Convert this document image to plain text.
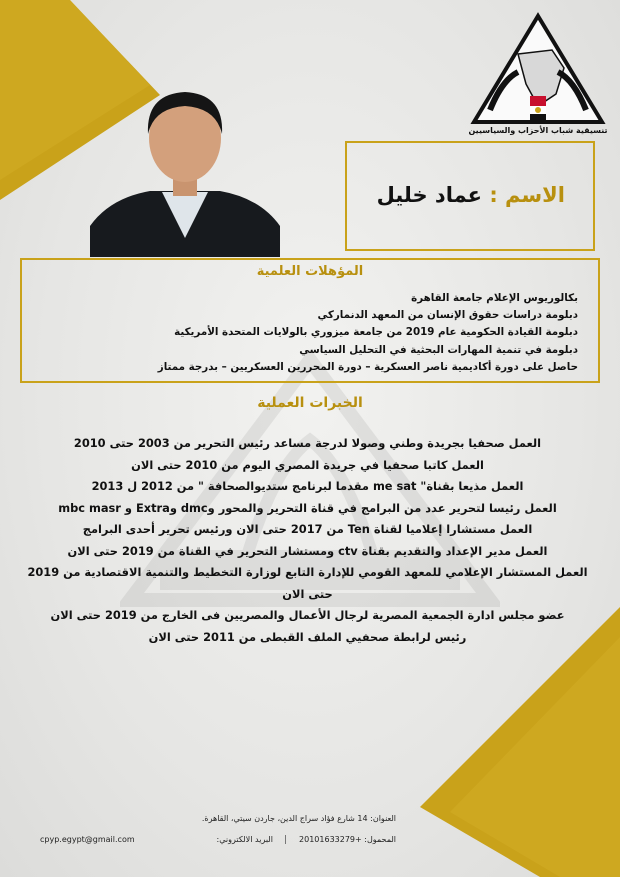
تنسيقية شباب الأحزاب والسياسيين
الاسم : عماد خليل
المؤهلات العلمية
بكالوريوس الإعلام جامعة القاهرة
دبلومة دراسات حقوق الإنسان من المعهد الدنماركي
دبلومة القيادة الحكومية عام 2019 من جامعة ميزوري بالولايات المتحدة الأمريكية
دبلومة في تنمية المهارات البحثية في التحليل السياسي
حاصل على دورة أكاديمية ناصر العسكرية – دورة المحررين العسكريين – بدرجة ممتاز
الخبرات العملية
العمل صحفيا بجريدة وطني وصولا لدرجة مساعد رئيس التحرير من 2003 حتى 2010
العمل كاتبا صحفيا في جريدة المصري اليوم من 2010 حتى الان
العمل مذيعا بقناة" me sat مقدما لبرنامج ستديوالصحافة " من 2012 ل 2013
العمل رئيسا لتحرير عدد من البرامج في قناة التحرير والمحور وdmc وExtra و mbc masr
العمل مستشارا إعلاميا لقناة Ten من 2017 حتى الان ورئيس تحرير أحدى البرامج
العمل مدير الإعداد والتقديم بقناة ctv ومستشار التحرير في القناة من 2019 حتى الان
العمل المستشار الإعلامي للمعهد القومي للإدارة التابع لوزارة التخطيط والتنمية الاقتصادية من 2019 حتى الان
عضو مجلس ادارة الجمعية المصرية لرجال الأعمال والمصريين فى الخارج من 2019 حتى الان
رئيس لرابطة صحفيي الملف القبطى من 2011 حتى الان
العنوان: 14 شارع فؤاد سراج الدين، جاردن سيتي، القاهرة.
المحمول: +20101633279  البريد الالكتروني:
cpyp.egypt@gmail.com
